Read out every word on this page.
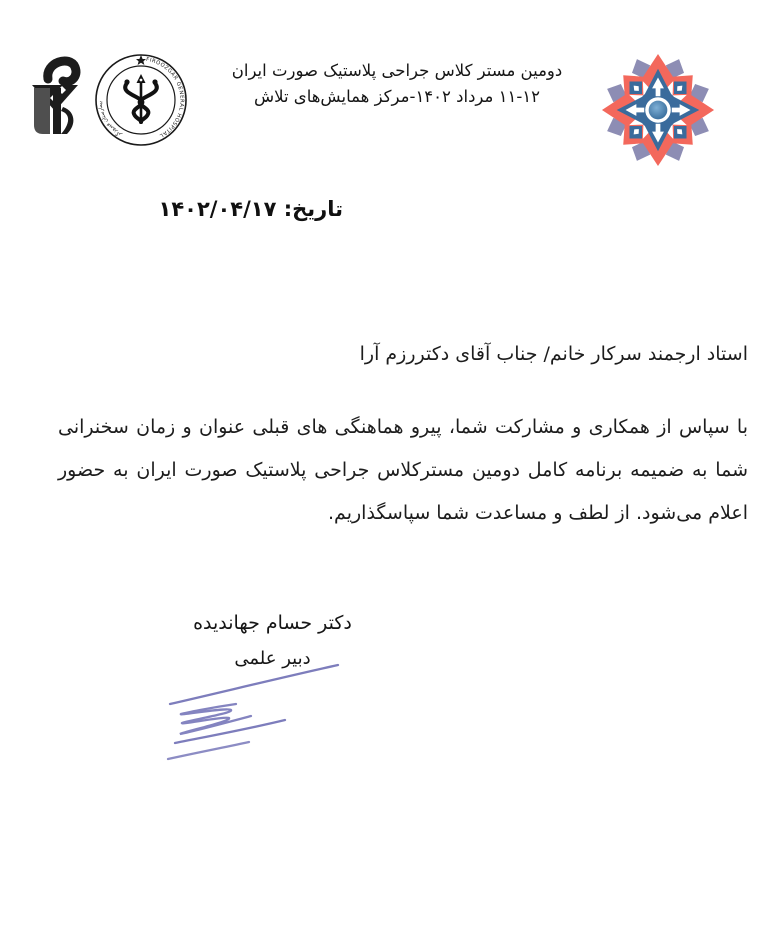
FIROOZGAR GENERAL HOSPITAL
بیمارستان فیروزگر
دومین مستر کلاس جراحی پلاستیک صورت ایران
۱۱-۱۲ مرداد ۱۴۰۲-مرکز همایش‌های تلاش
تاریخ: ۱۴۰۲/۰۴/۱۷
استاد ارجمند سرکار خانم/ جناب آقای دکتررزم آرا
با سپاس از همکاری و مشارکت شما، پیرو هماهنگی های قبلی عنوان و زمان سخنرانی شما به ضمیمه برنامه کامل دومین مسترکلاس جراحی پلاستیک صورت ایران به حضور اعلام می‌شود. از لطف و مساعدت شما سپاسگذاریم.
دکتر حسام جهاندیده
دبیر علمی
